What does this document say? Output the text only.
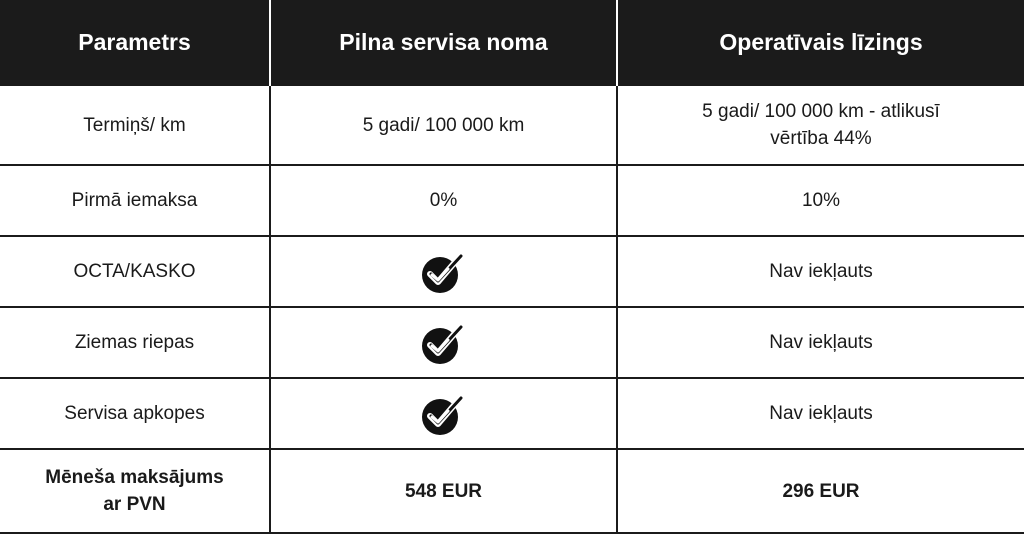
Parametrs	Pilna servisa noma	Operatīvais līzings
Termiņš/ km	5 gadi/ 100 000 km	5 gadi/ 100 000 km - atlikusī
vērtība 44%

Pirmā iemaksa	0%	10%
OCTA/KASKO		Nav iekļauts
Ziemas riepas		Nav iekļauts
Servisa apkopes		Nav iekļauts

Mēneša maksājums
ar PVN	548 EUR	296 EUR
